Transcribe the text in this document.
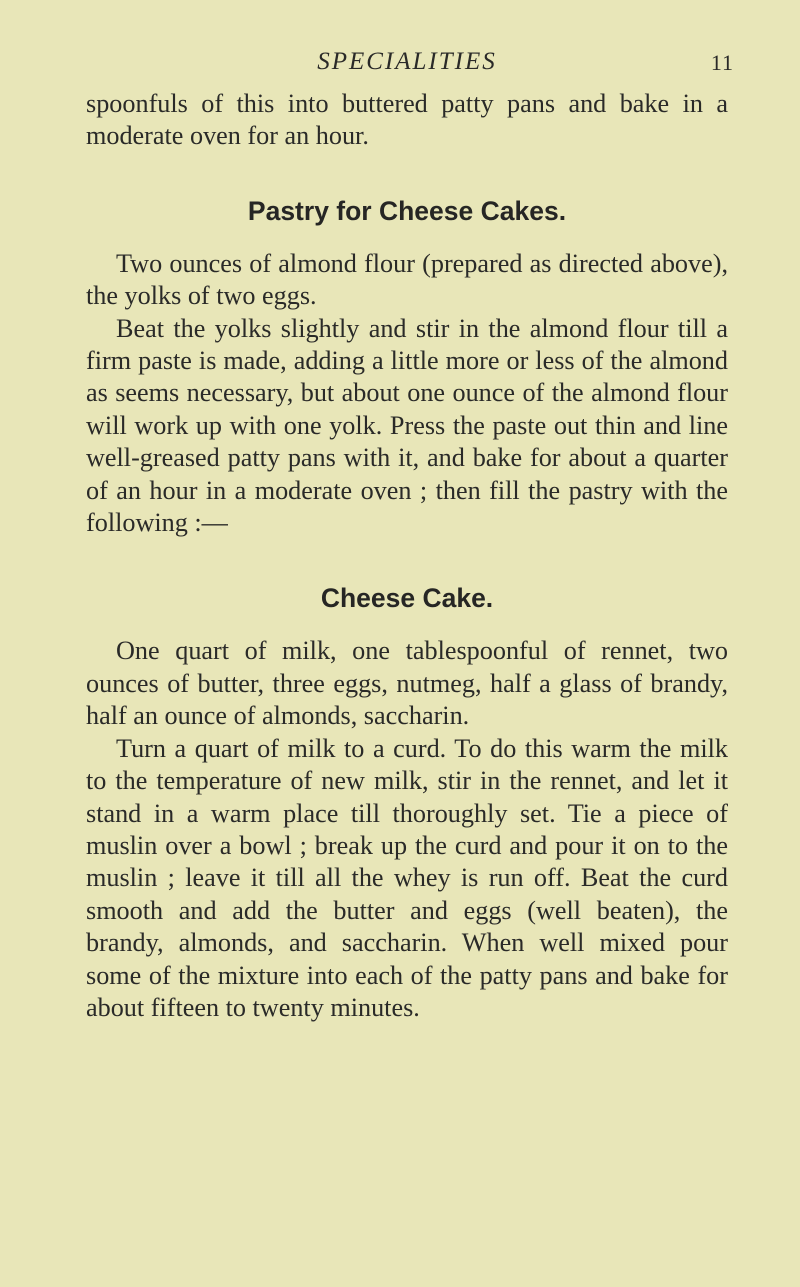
SPECIALITIES	11

spoonfuls of this into buttered patty pans and bake in a moderate oven for an hour.

Pastry for Cheese Cakes.

Two ounces of almond flour (prepared as directed above), the yolks of two eggs.

Beat the yolks slightly and stir in the almond flour till a firm paste is made, adding a little more or less of the almond as seems necessary, but about one ounce of the almond flour will work up with one yolk. Press the paste out thin and line well-greased patty pans with it, and bake for about a quarter of an hour in a moderate oven ; then fill the pastry with the following :—

Cheese Cake.

One quart of milk, one tablespoonful of rennet, two ounces of butter, three eggs, nutmeg, half a glass of brandy, half an ounce of almonds, saccharin.

Turn a quart of milk to a curd. To do this warm the milk to the temperature of new milk, stir in the rennet, and let it stand in a warm place till thoroughly set. Tie a piece of muslin over a bowl ; break up the curd and pour it on to the muslin ; leave it till all the whey is run off. Beat the curd smooth and add the butter and eggs (well beaten), the brandy, almonds, and saccharin. When well mixed pour some of the mixture into each of the patty pans and bake for about fifteen to twenty minutes.
